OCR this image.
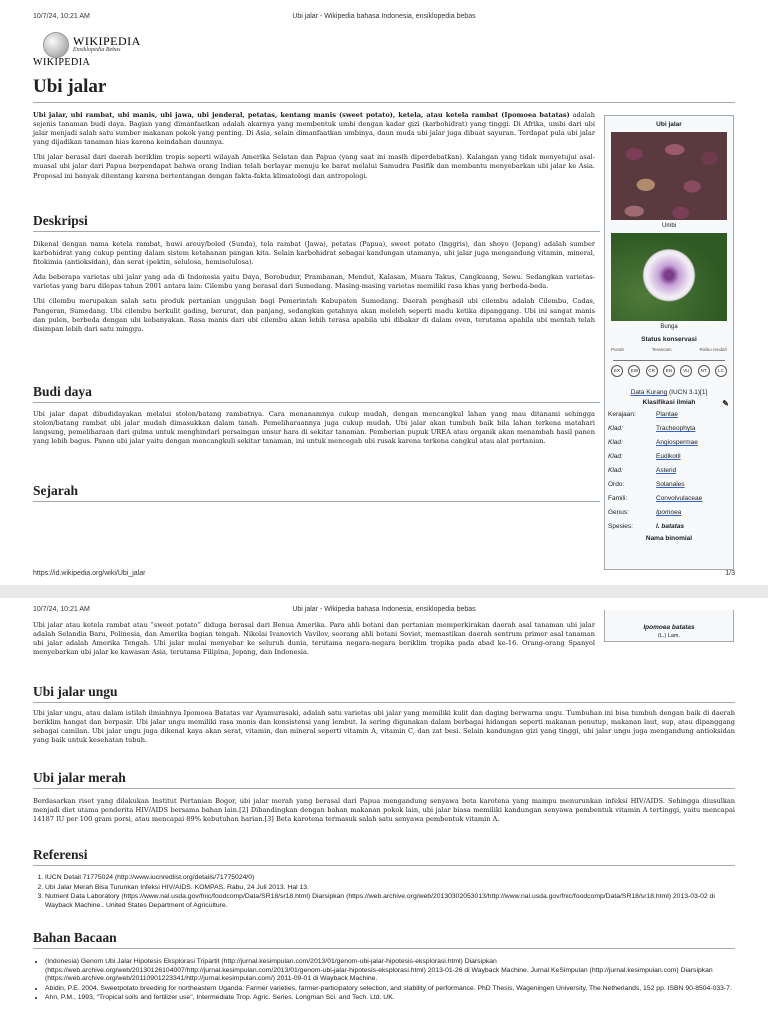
10/7/24, 10:21 AM	Ubi jalar - Wikipedia bahasa Indonesia, ensiklopedia bebas
WIKIPEDIA
Ensiklopedia Bebas
WIKIPEDIA
Ubi jalar

Ubi jalar, ubi rambat, ubi manis, ubi jawa, ubi jenderal, petatas, kentang manis (sweet potato), ketela, atau ketela rambat (Ipomoea batatas) adalah sejenis tanaman budi daya. Bagian yang dimanfaatkan adalah akarnya yang membentuk umbi dengan kadar gizi (karbohidrat) yang tinggi. Di Afrika, umbi dari ubi jalar menjadi salah satu sumber makanan pokok yang penting. Di Asia, selain dimanfaatkan umbinya, daun muda ubi jalar juga dibuat sayuran. Terdapat pula ubi jalar yang dijadikan tanaman hias karena keindahan daunnya.

Ubi jalar berasal dari daerah beriklim tropis seperti wilayah Amerika Selatan dan Papua (yang saat ini masih diperdebatkan). Kalangan yang tidak menyetujui asal-muasal ubi jalar dari Papua berpendapat bahwa orang Indian telah berlayar menuju ke barat melalui Samudra Pasifik dan membantu menyebarkan ubi jalar ke Asia. Proposal ini banyak ditentang karena bertentangan dengan fakta-fakta klimatologi dan antropologi.

Deskripsi

Dikenal dengan nama ketela rambat, huwi areuy/boled (Sunda), tela rambat (Jawa), petatas (Papua), sweet potato (Inggris), dan shoyo (Jepang) adalah sumber karbohidrat yang cukup penting dalam sistem ketahanan pangan kita. Selain karbohidrat sebagai kandungan utamanya, ubi jalar juga mengandung vitamin, mineral, fitokimia (antioksidan), dan serat (pektin, selulosa, hemiselulosa).

Ada beberapa varietas ubi jalar yang ada di Indonesia yaitu Daya, Borobudur, Prambanan, Mendut, Kalasan, Muara Takus, Cangkuang, Sewu. Sedangkan varietas-varietas yang baru dilepas tahun 2001 antara lain: Cilembu yang berasal dari Sumedang. Masing-masing varietas memiliki rasa khas yang berbeda-beda.

Ubi cilembu merupakan salah satu produk pertanian unggulan bagi Pemerintah Kabupaten Sumedang. Daerah penghasil ubi cilembu adalah Cilembu, Cadas, Pangeran, Sumedang. Ubi cilembu berkulit gading, berurat, dan panjang, sedangkan getahnya akan meleleh seperti madu ketika dipanggang. Ubi ini sangat manis dan pulen, berbeda dengan ubi kebanyakan. Rasa manis dari ubi cilembu akan lebih terasa apabila ubi dibakar di dalam oven, terutama apabila ubi mentah telah disimpan lebih dari satu minggu.

Budi daya

Ubi jalar dapat dibudidayakan melalui stolon/batang rambatnya. Cara menanamnya cukup mudah, dengan mencangkul lahan yang mau ditanami sehingga stolon/batang rambat ubi jalar mudah dimasukkan dalam tanah. Pemeliharaannya juga cukup mudah. Ubi jalar akan tumbuh baik bila lahan terkena matahari langsung, pemeliharaan dari gulma untuk menghindari persaingan unsur hara di sekitar tanaman. Pemberian pupuk UREA atau organik akan menambah hasil panen yang lebih bagus. Panen ubi jalar yaitu dengan mencangkuli sekitar tanaman, ini untuk mencegah ubi rusak karena terkena cangkul atau alat pertanian.

Sejarah
Ubi jalar
Umbi
Bunga
Status konservasi
Punah	Terancam	Risiko rendah
EX	EW	CR	EN	VU	NT	LC
Data Kurang (IUCN 3.1)[1]
Klasifikasi ilmiah	✎
Kerajaan:	Plantae
Klad:	Tracheophyta
Klad:	Angiospermae
Klad:	Eudikotil
Klad:	Asterid
Ordo:	Solanales
Famili:	Convolvulaceae
Genus:	Ipomoea
Spesies:	I. batatas
Nama binomial
https://id.wikipedia.org/wiki/Ubi_jalar	1/3
10/7/24, 10:21 AM	Ubi jalar - Wikipedia bahasa Indonesia, ensiklopedia bebas
Ipomoea batatas
(L.) Lam.

Ubi jalar atau ketela rambat atau “sweet potato” diduga berasal dari Benua Amerika. Para ahli botani dan pertanian memperkirakan daerah asal tanaman ubi jalar adalah Selandia Baru, Polinesia, dan Amerika bagian tengah. Nikolai Ivanovich Vavilov, seorang ahli botani Soviet, memastikan daerah sentrum primer asal tanaman ubi jalar adalah Amerika Tengah. Ubi jalar mulai menyebar ke seluruh dunia, terutama negara-negara beriklim tropika pada abad ke-16. Orang-orang Spanyol menyebarkan ubi jalar ke kawasan Asia, terutama Filipina, Jepang, dan Indonesia.

Ubi jalar ungu

Ubi jalar ungu, atau dalam istilah ilmiahnya Ipomoea Batatas var Ayamurasaki, adalah satu varietas ubi jalar yang memiliki kulit dan daging berwarna ungu. Tumbuhan ini bisa tumbuh dengan baik di daerah beriklim hangat dan berpasir. Ubi jalar ungu memiliki rasa manis dan konsistensi yang lembut. Ia sering digunakan dalam berbagai hidangan seperti makanan penutup, makanan laut, sup, atau dipanggang sebagai camilan. Ubi jalar ungu juga dikenal kaya akan serat, vitamin, dan mineral seperti vitamin A, vitamin C, dan zat besi. Selain kandungan gizi yang tinggi, ubi jalar ungu juga mengandung antioksidan yang baik untuk kesehatan tubuh.

Ubi jalar merah

Berdasarkan riset yang dilakukan Institut Pertanian Bogor, ubi jalar merah yang berasal dari Papua mengandung senyawa beta karotena yang mampu menurunkan infeksi HIV/AIDS. Sehingga diusulkan menjadi diet utama penderita HIV/AIDS bersama bahan lain.[2] Dibandingkan dengan bahan makanan pokok lain, ubi jalar biasa memiliki kandungan senyawa pembentuk vitamin A tertinggi, yaitu mencapai 14187 IU per 100 gram porsi, atau mencapai 89% kebutuhan harian.[3] Beta karotena termasuk salah satu senyawa pembentuk vitamin A.

Referensi
1. IUCN Detail 71775024 (http://www.iucnredlist.org/details/71775024/0)
2. Ubi Jalar Merah Bisa Turunkan Infeksi HIV/AIDS. KOMPAS. Rabu, 24 Juli 2013. Hal 13.
3. Nutrient Data Laboratory (https://www.nal.usda.gov/fnic/foodcomp/Data/SR18/sr18.html) Diarsipkan (https://web.archive.org/web/20130302053013/http://www.nal.usda.gov/fnic/foodcomp/Data/SR18/sr18.html) 2013-03-02 di Wayback Machine.. United States Department of Agriculture.
Bahan Bacaan
• (Indonesia) Genom Ubi Jalar Hipotesis Eksplorasi Tripartit (http://jurnal.kesimpulan.com/2013/01/genom-ubi-jalar-hipotesis-eksplorasi.html) Diarsipkan (https://web.archive.org/web/20130126104007/http://jurnal.kesimpulan.com/2013/01/genom-ubi-jalar-hipotesis-eksplorasi.html) 2013-01-26 di Wayback Machine. Jurnal KeSimpulan (http://jurnal.kesimpulan.com) Diarsipkan (https://web.archive.org/web/20110901223341/http://jurnal.kesimpulan.com/) 2011-09-01 di Wayback Machine.
• Abidin, P.E. 2004. Sweetpotato breeding for northeastern Uganda: Farmer varieties, farmer-participatory selection, and stability of performance. PhD Thesis, Wageningen University, The Netherlands, 152 pp. ISBN 90-8504-033-7.
• Ahn, P.M., 1993, "Tropical soils and fertilizer use", Intermediate Trop. Agric. Series. Longman Sci. and Tech. Ltd. UK.
